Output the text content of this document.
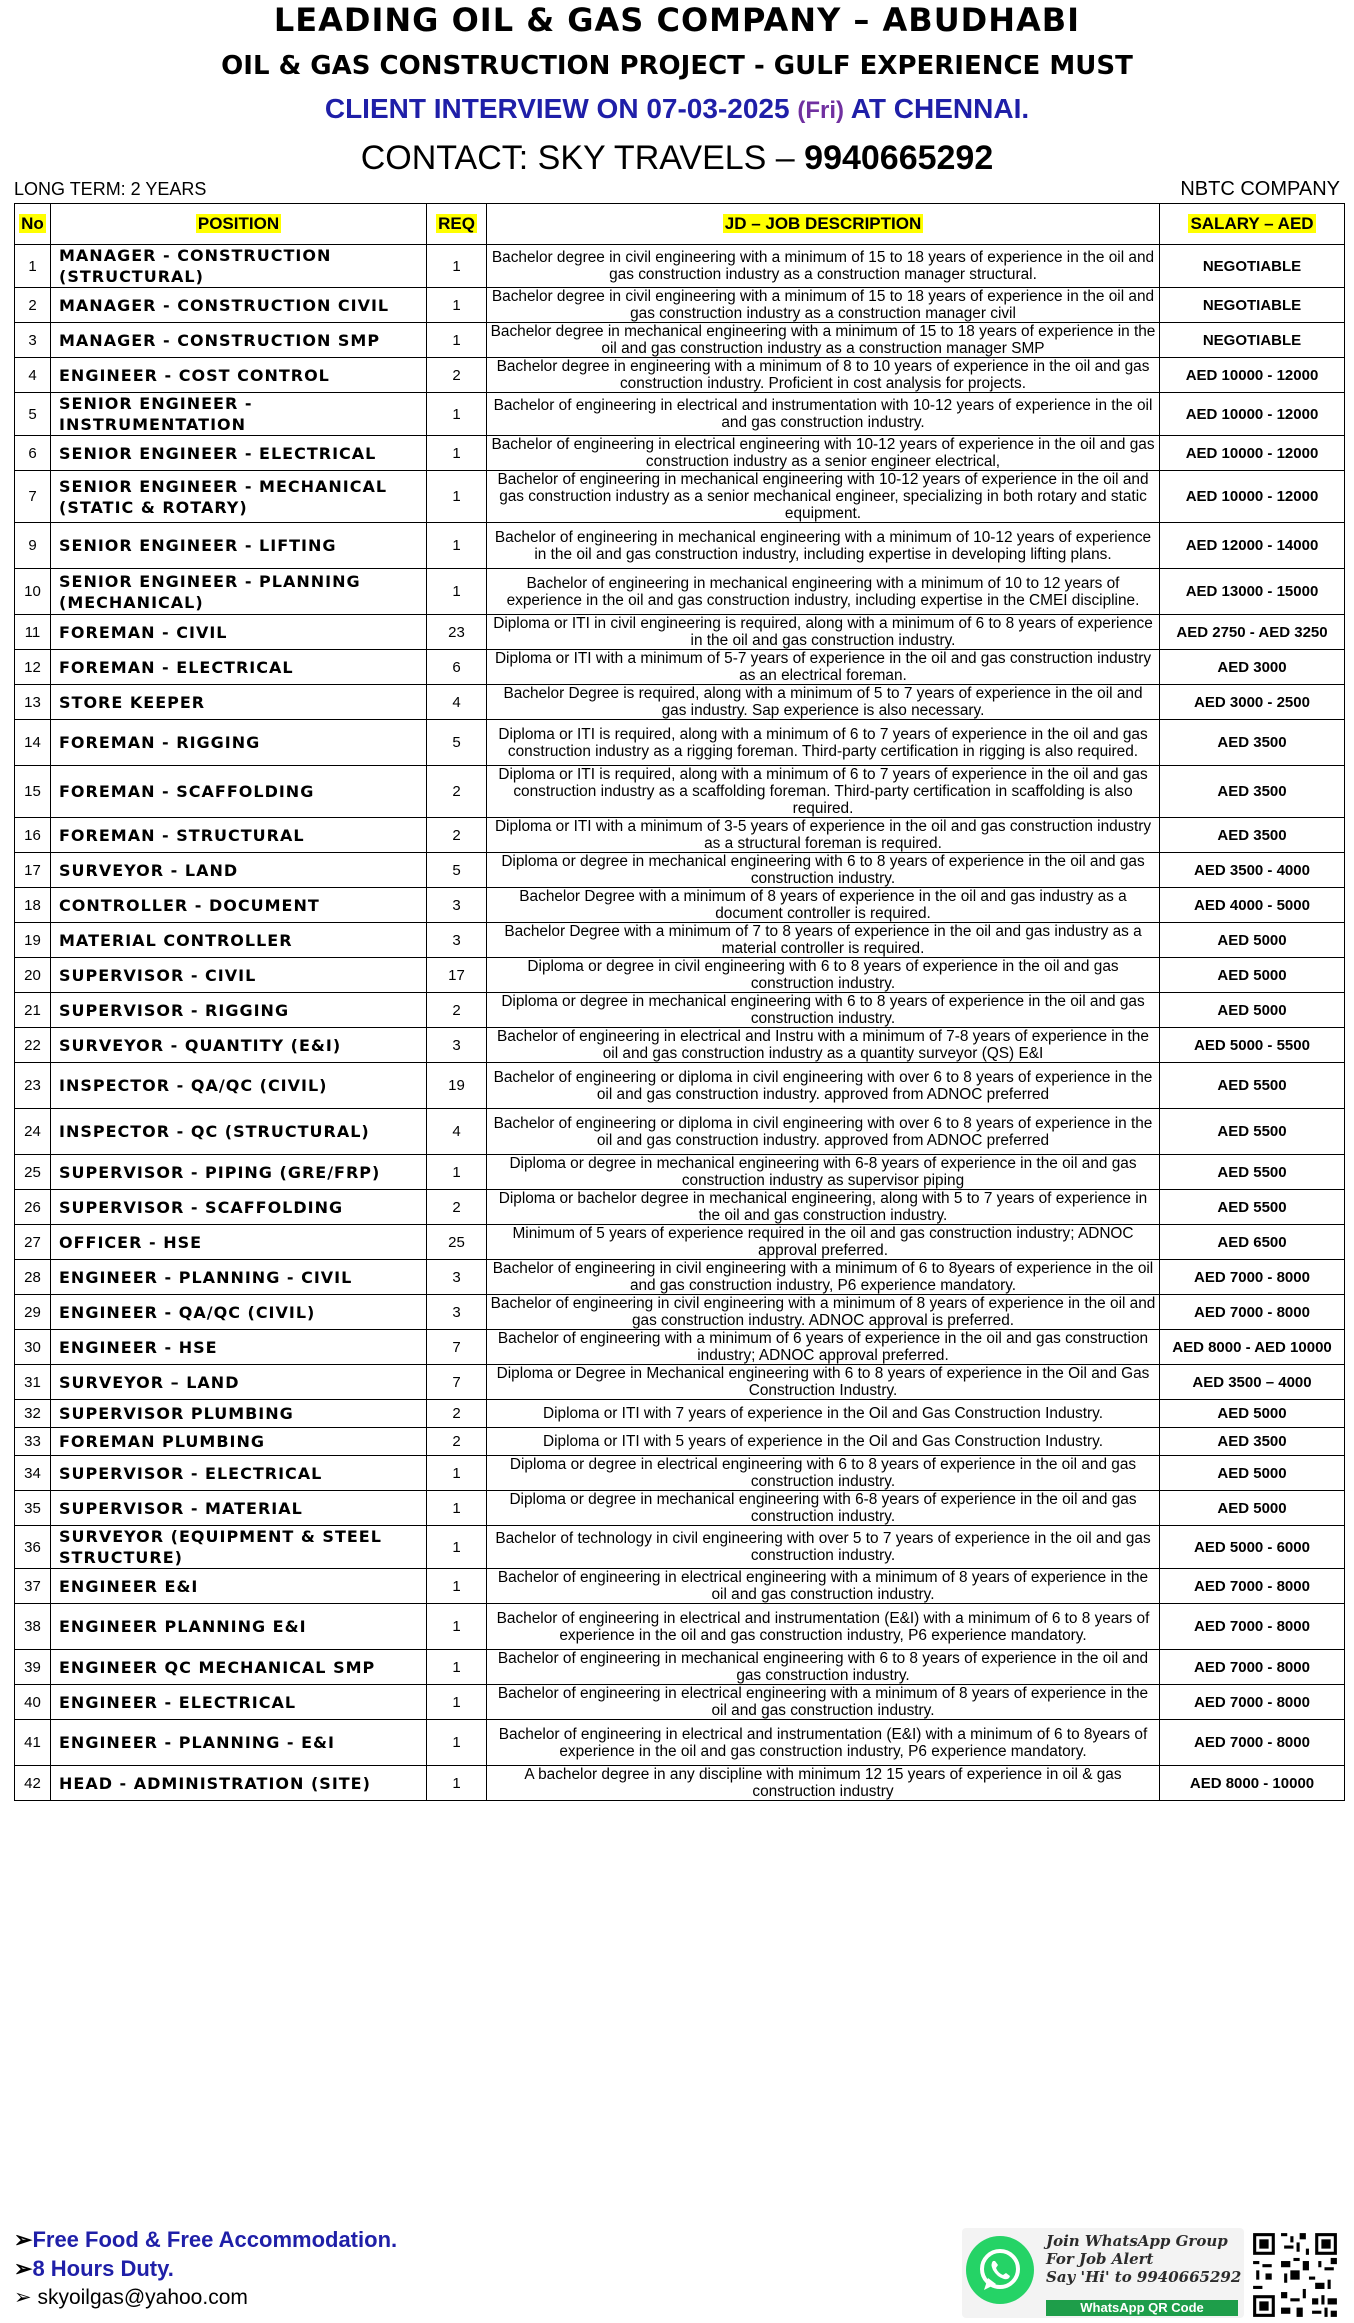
LEADING OIL & GAS COMPANY – ABUDHABI
OIL & GAS CONSTRUCTION PROJECT - GULF EXPERIENCE MUST
CLIENT INTERVIEW ON 07-03-2025 (Fri) AT CHENNAI.
CONTACT: SKY TRAVELS – 9940665292
LONG TERM: 2 YEARS	NBTC COMPANY
No	POSITION	REQ	JD – JOB DESCRIPTION	SALARY – AED
1	MANAGER - CONSTRUCTION (STRUCTURAL)	1	Bachelor degree in civil engineering with a minimum of 15 to 18 years of experience in the oil and gas construction industry as a construction manager structural.	NEGOTIABLE
2	MANAGER - CONSTRUCTION CIVIL	1	Bachelor degree in civil engineering with a minimum of 15 to 18 years of experience in the oil and gas construction industry as a construction manager civil	NEGOTIABLE
3	MANAGER - CONSTRUCTION SMP	1	Bachelor degree in mechanical engineering with a minimum of 15 to 18 years of experience in the oil and gas construction industry as a construction manager SMP	NEGOTIABLE
4	ENGINEER - COST CONTROL	2	Bachelor degree in engineering with a minimum of 8 to 10 years of experience in the oil and gas construction industry. Proficient in cost analysis for projects.	AED 10000 - 12000
5	SENIOR ENGINEER - INSTRUMENTATION	1	Bachelor of engineering in electrical and instrumentation with 10-12 years of experience in the oil and gas construction industry.	AED 10000 - 12000
6	SENIOR ENGINEER - ELECTRICAL	1	Bachelor of engineering in electrical engineering with 10-12 years of experience in the oil and gas construction industry as a senior engineer electrical,	AED 10000 - 12000
7	SENIOR ENGINEER - MECHANICAL (STATIC & ROTARY)	1	Bachelor of engineering in mechanical engineering with 10-12 years of experience in the oil and gas construction industry as a senior mechanical engineer, specializing in both rotary and static equipment.	AED 10000 - 12000
9	SENIOR ENGINEER - LIFTING	1	Bachelor of engineering in mechanical engineering with a minimum of 10-12 years of experience in the oil and gas construction industry, including expertise in developing lifting plans.	AED 12000 - 14000
10	SENIOR ENGINEER - PLANNING (MECHANICAL)	1	Bachelor of engineering in mechanical engineering with a minimum of 10 to 12 years of experience in the oil and gas construction industry, including expertise in the CMEI discipline.	AED 13000 - 15000
11	FOREMAN - CIVIL	23	Diploma or ITI in civil engineering is required, along with a minimum of 6 to 8 years of experience in the oil and gas construction industry.	AED 2750 - AED 3250
12	FOREMAN - ELECTRICAL	6	Diploma or ITI with a minimum of 5-7 years of experience in the oil and gas construction industry as an electrical foreman.	AED 3000
13	STORE KEEPER	4	Bachelor Degree is required, along with a minimum of 5 to 7 years of experience in the oil and gas industry. Sap experience is also necessary.	AED 3000 - 2500
14	FOREMAN - RIGGING	5	Diploma or ITI is required, along with a minimum of 6 to 7 years of experience in the oil and gas construction industry as a rigging foreman. Third-party certification in rigging is also required.	AED 3500
15	FOREMAN - SCAFFOLDING	2	Diploma or ITI is required, along with a minimum of 6 to 7 years of experience in the oil and gas construction industry as a scaffolding foreman. Third-party certification in scaffolding is also required.	AED 3500
16	FOREMAN - STRUCTURAL	2	Diploma or ITI with a minimum of 3-5 years of experience in the oil and gas construction industry as a structural foreman is required.	AED 3500
17	SURVEYOR - LAND	5	Diploma or degree in mechanical engineering with 6 to 8 years of experience in the oil and gas construction industry.	AED 3500 - 4000
18	CONTROLLER - DOCUMENT	3	Bachelor Degree with a minimum of 8 years of experience in the oil and gas industry as a document controller is required.	AED 4000 - 5000
19	MATERIAL CONTROLLER	3	Bachelor Degree with a minimum of 7 to 8 years of experience in the oil and gas industry as a material controller is required.	AED 5000
20	SUPERVISOR - CIVIL	17	Diploma or degree in civil engineering with 6 to 8 years of experience in the oil and gas construction industry.	AED 5000
21	SUPERVISOR - RIGGING	2	Diploma or degree in mechanical engineering with 6 to 8 years of experience in the oil and gas construction industry.	AED 5000
22	SURVEYOR - QUANTITY (E&I)	3	Bachelor of engineering in electrical and Instru with a minimum of 7-8 years of experience in the oil and gas construction industry as a quantity surveyor (QS) E&I	AED 5000 - 5500
23	INSPECTOR - QA/QC (CIVIL)	19	Bachelor of engineering or diploma in civil engineering with over 6 to 8 years of experience in the oil and gas construction industry. approved from ADNOC preferred	AED 5500
24	INSPECTOR - QC (STRUCTURAL)	4	Bachelor of engineering or diploma in civil engineering with over 6 to 8 years of experience in the oil and gas construction industry. approved from ADNOC preferred	AED 5500
25	SUPERVISOR - PIPING (GRE/FRP)	1	Diploma or degree in mechanical engineering with 6-8 years of experience in the oil and gas construction industry as supervisor piping	AED 5500
26	SUPERVISOR - SCAFFOLDING	2	Diploma or bachelor degree in mechanical engineering, along with 5 to 7 years of experience in the oil and gas construction industry.	AED 5500
27	OFFICER - HSE	25	Minimum of 5 years of experience required in the oil and gas construction industry; ADNOC approval preferred.	AED 6500
28	ENGINEER - PLANNING - CIVIL	3	Bachelor of engineering in civil engineering with a minimum of 6 to 8years of experience in the oil and gas construction industry, P6 experience mandatory.	AED 7000 - 8000
29	ENGINEER - QA/QC (CIVIL)	3	Bachelor of engineering in civil engineering with a minimum of 8 years of experience in the oil and gas construction industry. ADNOC approval is preferred.	AED 7000 - 8000
30	ENGINEER - HSE	7	Bachelor of engineering with a minimum of 6 years of experience in the oil and gas construction industry; ADNOC approval preferred.	AED 8000 - AED 10000
31	SURVEYOR – LAND	7	Diploma or Degree in Mechanical engineering with 6 to 8 years of experience in the Oil and Gas Construction Industry.	AED 3500 – 4000
32	SUPERVISOR PLUMBING	2	Diploma or ITI with 7 years of experience in the Oil and Gas Construction Industry.	AED 5000
33	FOREMAN PLUMBING	2	Diploma or ITI with 5 years of experience in the Oil and Gas Construction Industry.	AED 3500
34	SUPERVISOR - ELECTRICAL	1	Diploma or degree in electrical engineering with 6 to 8 years of experience in the oil and gas construction industry.	AED 5000
35	SUPERVISOR - MATERIAL	1	Diploma or degree in mechanical engineering with 6-8 years of experience in the oil and gas construction industry.	AED 5000
36	SURVEYOR (EQUIPMENT & STEEL STRUCTURE)	1	Bachelor of technology in civil engineering with over 5 to 7 years of experience in the oil and gas construction industry.	AED 5000 - 6000
37	ENGINEER E&I	1	Bachelor of engineering in electrical engineering with a minimum of 8 years of experience in the oil and gas construction industry.	AED 7000 - 8000
38	ENGINEER PLANNING E&I	1	Bachelor of engineering in electrical and instrumentation (E&I) with a minimum of 6 to 8 years of experience in the oil and gas construction industry, P6 experience mandatory.	AED 7000 - 8000
39	ENGINEER QC MECHANICAL SMP	1	Bachelor of engineering in mechanical engineering with 6 to 8 years of experience in the oil and gas construction industry.	AED 7000 - 8000
40	ENGINEER - ELECTRICAL	1	Bachelor of engineering in electrical engineering with a minimum of 8 years of experience in the oil and gas construction industry.	AED 7000 - 8000
41	ENGINEER - PLANNING - E&I	1	Bachelor of engineering in electrical and instrumentation (E&I) with a minimum of 6 to 8years of experience in the oil and gas construction industry, P6 experience mandatory.	AED 7000 - 8000
42	HEAD - ADMINISTRATION (SITE)	1	A bachelor degree in any discipline with minimum 12 15 years of experience in oil & gas construction industry	AED 8000 - 10000
➢Free Food & Free Accommodation.
➢8 Hours Duty.
➢ skyoilgas@yahoo.com
Join WhatsApp Group
For Job Alert
Say 'Hi' to 9940665292
WhatsApp QR Code
